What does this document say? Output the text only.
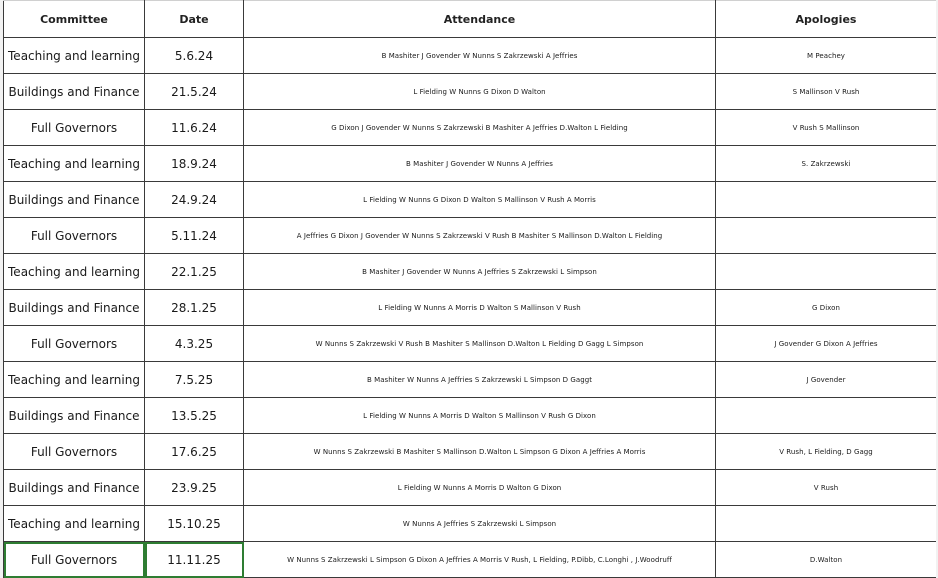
Committee	Date	Attendance	Apologies
Teaching and learning	5.6.24	B Mashiter J Govender W Nunns S Zakrzewski A Jeffries	M Peachey
Buildings and Finance	21.5.24	L Fielding W Nunns G Dixon D Walton	S Mallinson V Rush
Full Governors	11.6.24	G Dixon J Govender W Nunns S Zakrzewski B Mashiter A Jeffries D.Walton L Fielding	V Rush S Mallinson
Teaching and learning	18.9.24	B Mashiter J Govender W Nunns A Jeffries	S. Zakrzewski
Buildings and Finance	24.9.24	L Fielding W Nunns G Dixon D Walton S Mallinson V Rush A Morris	
Full Governors	5.11.24	A Jeffries G Dixon J Govender W Nunns S Zakrzewski V Rush B Mashiter S Mallinson D.Walton L Fielding	
Teaching and learning	22.1.25	B Mashiter J Govender W Nunns A Jeffries S Zakrzewski L Simpson	
Buildings and Finance	28.1.25	L Fielding W Nunns A Morris D Walton S Mallinson V Rush	G Dixon
Full Governors	4.3.25	W Nunns S Zakrzewski V Rush B Mashiter S Mallinson D.Walton L Fielding D Gagg L Simpson	J Govender G Dixon A Jeffries
Teaching and learning	7.5.25	B Mashiter W Nunns A Jeffries S Zakrzewski L Simpson D Gaggt	J Govender
Buildings and Finance	13.5.25	L Fielding W Nunns A Morris D Walton S Mallinson V Rush G Dixon	
Full Governors	17.6.25	W Nunns S Zakrzewski B Mashiter S Mallinson D.Walton L Simpson G Dixon A Jeffries A Morris	V Rush, L Fielding, D Gagg
Buildings and Finance	23.9.25	L Fielding W Nunns A Morris D Walton G Dixon	V Rush
Teaching and learning	15.10.25	W Nunns A Jeffries S Zakrzewski L Simpson	
Full Governors	11.11.25	W Nunns S Zakrzewski L Simpson G Dixon A Jeffries A Morris V Rush, L Fielding, P.Dibb, C.Longhi , J.Woodruff	D.Walton
